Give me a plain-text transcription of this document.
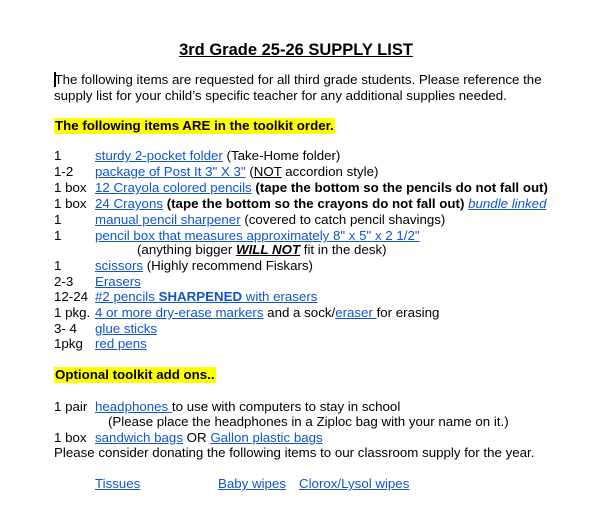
3rd Grade 25-26 SUPPLY LIST
The following items are requested for all third grade students. Please reference the
supply list for your child’s specific teacher for any additional supplies needed.
The following items ARE in the toolkit order.
1	sturdy 2-pocket folder (Take-Home folder)
1-2 package of Post It 3" X 3" (NOT accordion style)
1 box 12 Crayola colored pencils (tape the bottom so the pencils do not fall out)
1 box 24 Crayons (tape the bottom so the crayons do not fall out) bundle linked
1	manual pencil sharpener (covered to catch pencil shavings)
1	pencil box that measures approximately 8" x 5" x 2 1/2"
(anything bigger WILL NOT fit in the desk)
1	scissors (Highly recommend Fiskars)
2-3 Erasers
12-24 #2 pencils SHARPENED with erasers
1 pkg. 4 or more dry-erase markers and a sock/eraser for erasing
3- 4 glue sticks
1pkg red pens
Optional toolkit add ons..
1 pair headphones to use with computers to stay in school
(Please place the headphones in a Ziploc bag with your name on it.)
1 box sandwich bags OR Gallon plastic bags
Please consider donating the following items to our classroom supply for the year.
Tissues	Baby wipes Clorox/Lysol wipes
